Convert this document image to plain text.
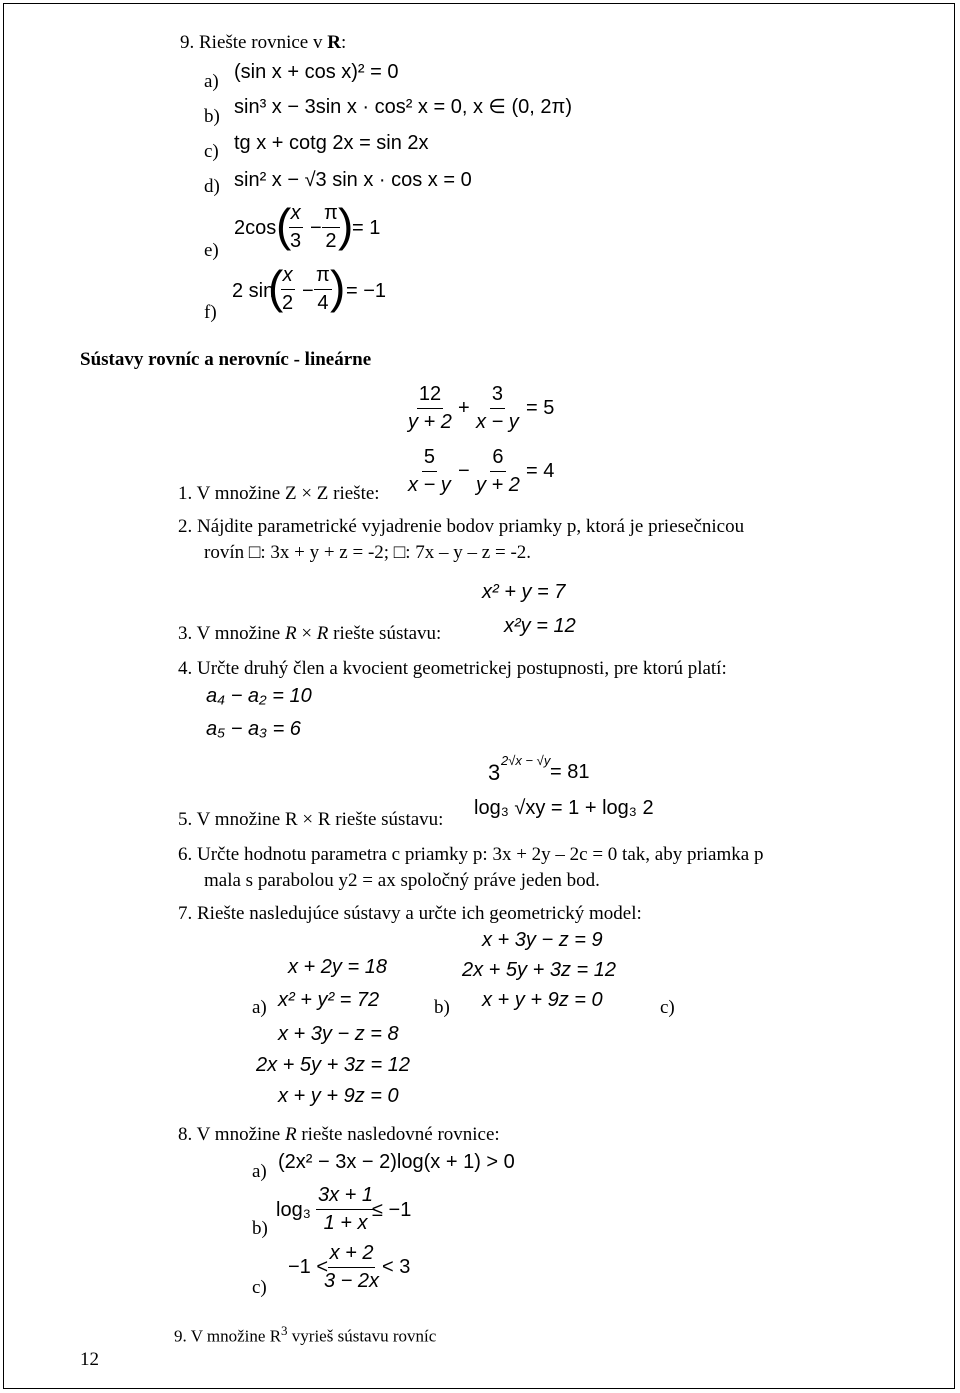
9. Riešte rovnice v R:
a) (sin x + cos x)² = 0
b) sin³ x − 3sin x · cos² x = 0, x ∈ (0, 2π)
c) tg x + cotg 2x = sin 2x
d) sin² x − √3 sin x · cos x = 0
e)
2cos (
$\frac{x}{3} - \frac{\pi}{2}$
)
= 1
f)
2 sin
(
$\frac{x}{2} - \frac{\pi}{4}$
) = −1
Sústavy rovníc a nerovníc - lineárne
$\frac{12}{y + 2} + \frac{3}{x - y} = 5$
$\frac{5}{x - y} - \frac{6}{y + 2} = 4$
1. V množine Z × Z riešte:
2. Nájdite parametrické vyjadrenie bodov priamky p, ktorá je priesečnicou
rovín □: 3x + y + z = -2; □: 7x – y – z = -2.
x² + y = 7
3. V množine R × R riešte sústavu:	x²y = 12
4. Určte druhý člen a kvocient geometrickej postupnosti, pre ktorú platí:
a₄ − a₂ = 10
a₅ − a₃ = 6
3 2√x − √y
= 81
5. V množine R × R riešte sústavu:
log₃ √xy = 1 + log₃ 2
6. Určte hodnotu parametra c priamky p: 3x + 2y – 2c = 0 tak, aby priamka p
mala s parabolou y2 = ax spoločný práve jeden bod.
7. Riešte nasledujúce sústavy a určte ich geometrický model:
x + 3y − z = 9
x + 2y = 18	2x + 5y + 3z = 12
a) x² + y² = 72	b) x + y + 9z = 0	c)
x + 3y − z = 8
2x + 5y + 3z = 12
x + y + 9z = 0
8. V množine R riešte nasledovné rovnice:
a) (2x² − 3x − 2)log(x + 1) > 0
$\log_3 \frac{3x + 1}{1 + x}$
≤ −1
b)
−1 <
$\frac{x + 2}{3 - 2x} < 3$
c)
9. V množine $R^3$ vyrieš sústavu rovníc
12
